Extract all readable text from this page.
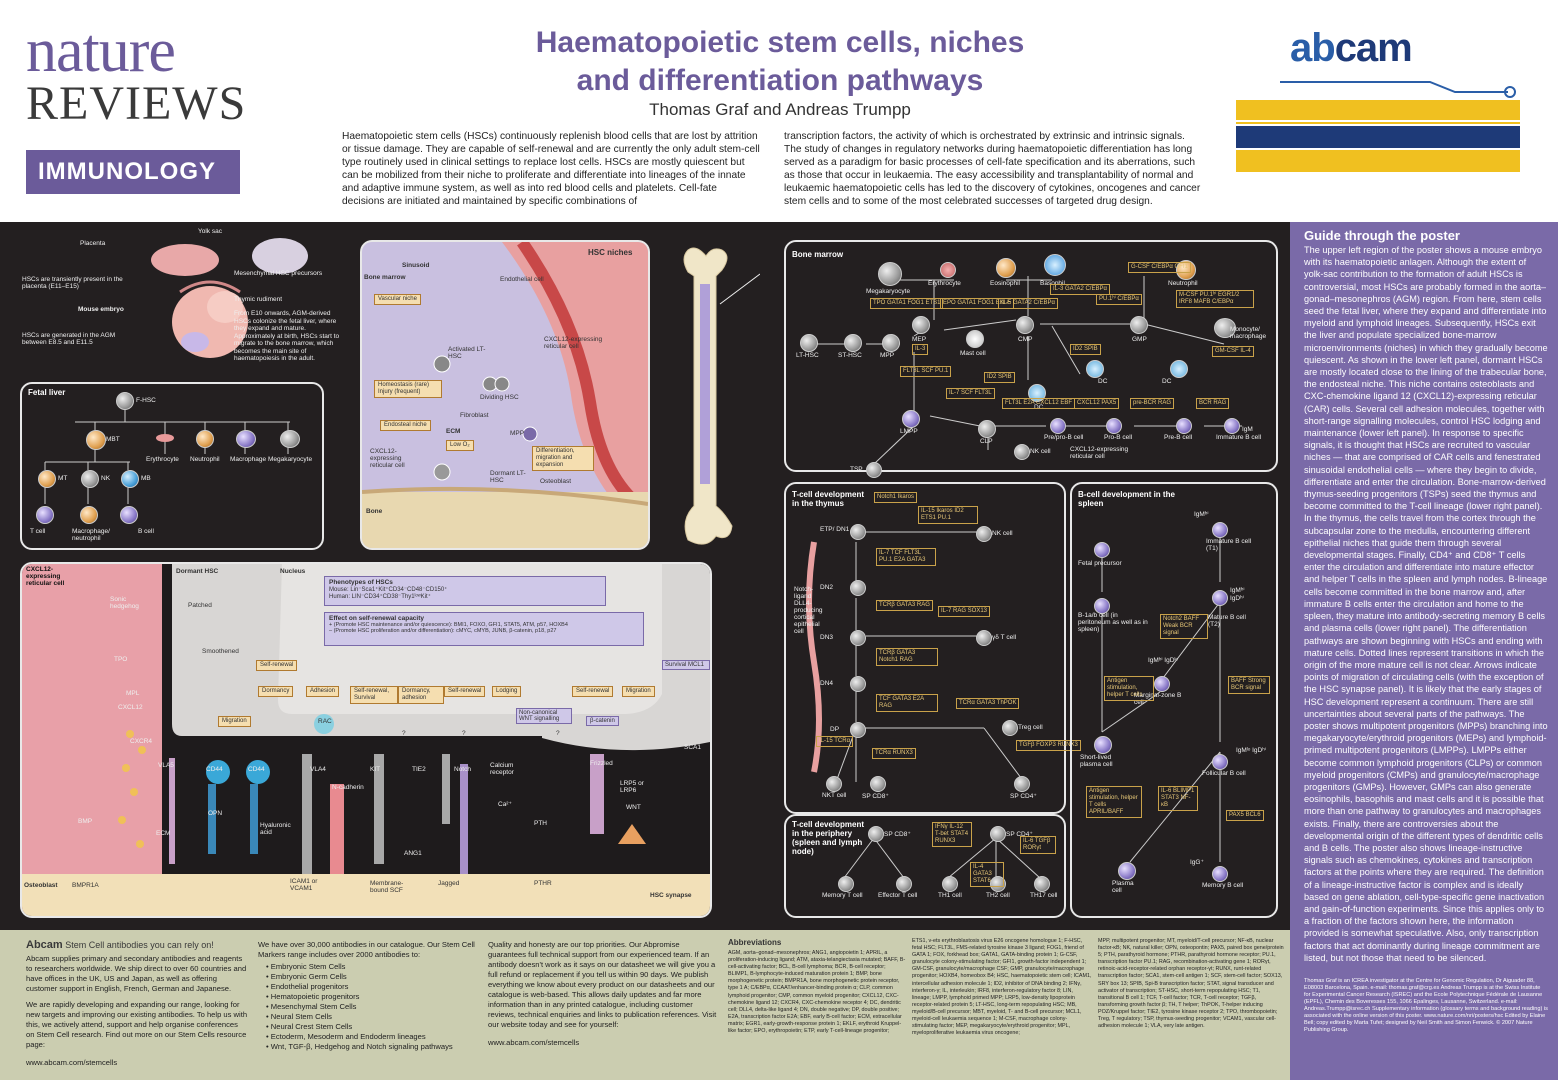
nature
REVIEWS
IMMUNOLOGY
Haematopoietic stem cells, niches
and differentiation pathways
Thomas Graf and Andreas Trumpp
Haematopoietic stem cells (HSCs) continuously replenish blood cells that are lost by attrition or tissue damage. They are capable of self-renewal and are currently the only adult stem-cell type routinely used in clinical settings to replace lost cells. HSCs are mostly quiescent but can be mobilized from their niche to proliferate and differentiate into lineages of the innate and adaptive immune system, as well as into red blood cells and platelets. Cell-fate decisions are initiated and maintained by specific combinations of
transcription factors, the activity of which is orchestrated by extrinsic and intrinsic signals. The study of changes in regulatory networks during haematopoietic differentiation has long served as a paradigm for basic processes of cell-fate specification and its aberrations, such as those that occur in leukaemia. The easy accessibility and transplantability of normal and leukaemic haematopoietic cells has led to the discovery of cytokines, oncogenes and cancer stem cells and to some of the most celebrated successes of targeted drug design.
abcam
Placenta
Yolk sac
HSCs are transiently present in the placenta (E11–E15)
Mesenchymal HSC precursors
Mouse embryo
Thymic rudiment
From E10 onwards, AGM-derived HSCs colonize the fetal liver, where they expand and mature. Approximately at birth, HSCs start to migrate to the bone marrow, which becomes the main site of haematopoiesis in the adult.
HSCs are generated in the AGM between E8.5 and E11.5
Fetal liver
F-HSC
MBT
Erythrocyte Neutrophil Macrophage Megakaryocyte
MT	NK	MB
T cell	Macrophage/ neutrophil
B cell
HSC niches
Sinusoid
Bone marrow	Endothelial cell
Vascular niche
CXCL12-expressing reticular cell
Activated LT-HSC
Dividing HSC
Homeostasis (rare) Injury (frequent)
Endosteal niche
ECM
Low O₂
Fibroblast
MPP
Differentiation, migration and expansion
CXCL12-expressing reticular cell
Dormant LT-HSC	Osteoblast
Bone
Bone marrow
Megakaryocyte
Erythrocyte	Eosinophil	Basophil	Neutrophil
TPO GATA1 FOG1 ETS1 EPO GATA1 FOG1 EKLF
IL-5 GATA2 C/EBPα
IL-3 GATA2 C/EBPα
G-CSF C/EBPα GFI1
PU.1ʰⁱ C/EBPα
M-CSF PU.1ʰⁱ EGR1/2 IRF8 MAFB C/EBPα
LT-HSC	ST-HSC	MPP
MEP	CMP	GMP
Mast cell
Monocyte/ macrophage
IL-3
FLT3L SCF PU.1
ID2 SPIB
ID2 SPIB	GM-CSF IL-4
LMPP
CLP
DC
DC	DC
IL-7 SCF FLT3L
FLT3L E2A CXCL12 EBF CXCL12 PAX5	pre-BCR RAG	BCR RAG
IgM
NK cell
Pre/pro-B cell	Pro-B cell	Pre-B cell	Immature B cell
TSP
CXCL12-expressing reticular cell
T-cell development in the thymus
ETP/ DN1
DN2
DN3
DN4
DP
NK cell
γδ T cell
Treg cell
NKT cell SP CD8⁺	SP CD4⁺
Notch-ligand DLL4-producing cortical epithelial cell
Notch1 Ikaros
IL-15 Ikaros ID2 ETS1 PU.1
IL-7 TCF FLT3L PU.1 E2A GATA3
TCRβ GATA3 RAG
IL-7 RAG SOX13
TCRβ GATA3 Notch1 RAG
TCF GATA3 E2A RAG	TCRα GATA3 ThPOK
TGFβ FOXP3 RUNX3
IL-15 TCRα
TCRα RUNX3
T-cell development in the periphery (spleen and lymph node)
SP CD8⁺	SP CD4⁺
Memory T cell Effector T cell	TH1 cell	TH2 cell	TH17 cell
IFNγ IL-12 T-bet STAT4 RUNX3
IL-4 GATA3 STAT6
IL-6 TGFβ RORγt
B-cell development in the spleen
IgMʰⁱ
Immature B cell (T1)
Fetal precursor
B-1a/b cell (in peritoneum as well as in spleen)
IgMʰⁱ IgDʰⁱ
Mature B cell (T2)
Marginal-zone B cell
IgMʰⁱ IgDˡᵒ
Short-lived plasma cell
IgMˡᵒ IgDʰⁱ
Follicular B cell
Plasma cell
IgG⁺
Memory B cell
Notch2 BAFF Weak BCR signal
Antigen stimulation, helper T cells
BAFF Strong BCR signal
Antigen stimulation, helper T cells APRIL/BAFF
IL-6 BLIMP1 STAT3 NF-κB
PAX5 BCL6
CXCL12-expressing reticular cell
Dormant HSC	Nucleus
Phenotypes of HSCs
Mouse: Lin⁻Sca1⁺Kit⁺CD34⁻CD48⁻CD150⁺
Human: LIN⁻CD34⁺CD38⁻Thy1ˡᵒʷKit⁺
Effect on self-renewal capacity
+ (Promote HSC maintenance and/or quiescence): BMI1, FOXO, GFI1, STAT5, ATM, p57, HOXB4
– (Promote HSC proliferation and/or differentiation): cMYC, cMYB, JUNB, β-catenin, p18, p27
Survival MCL1
Self-renewal
Dormancy	Adhesion	Self-renewal, Survival
Dormancy, adhesion
Self-renewal	Lodging	Self-renewal	Migration
Migration
Non-canonical WNT signalling	β-catenin
Sonic hedgehog	Patched
Smoothened
TPO
MPL
CXCL12
CXCR4
VLA5
CD44	CD44	VLA4
RAC
OPN
ECM
Hyaluronic acid
BMP
BMPR1A
Osteoblast
ICAM1 or VCAM1
N-cadherin
KIT
Membrane-bound SCF
TIE2
ANG1
Notch
Jagged
Calcium receptor
Ca²⁺
PTH
PTHR
Frizzled
LRP5 or LRP6
WNT
SCA1
?	?	?
HSC synapse
Guide through the poster
The upper left region of the poster shows a mouse embryo with its haematopoietic anlagen. Although the extent of yolk-sac contribution to the formation of adult HSCs is controversial, most HSCs are probably formed in the aorta–gonad–mesonephros (AGM) region. From here, stem cells seed the fetal liver, where they expand and differentiate into myeloid and lymphoid lineages. Subsequently, HSCs exit the liver and populate specialized bone-marrow microenvironments (niches) in which they gradually become quiescent. As shown in the lower left panel, dormant HSCs are mostly located close to the lining of the trabecular bone, the endosteal niche. This niche contains osteoblasts and CXC-chemokine ligand 12 (CXCL12)-expressing reticular (CAR) cells. Several cell adhesion molecules, together with short-range signalling molecules, control HSC lodging and maintenance (lower left panel). In response to specific signals, it is thought that HSCs are recruited to vascular niches — that are comprised of CAR cells and fenestrated sinusoidal endothelial cells — where they begin to divide, differentiate and enter the circulation. Bone-marrow-derived thymus-seeding progenitors (TSPs) seed the thymus and become committed to the T-cell lineage (lower right panel). In the thymus, the cells travel from the cortex through the subcapsular zone to the medulla, encountering different epithelial niches that guide them through several developmental stages. Finally, CD4⁺ and CD8⁺ T cells enter the circulation and differentiate into mature effector and helper T cells in the spleen and lymph nodes. B-lineage cells become committed in the bone marrow and, after immature B cells enter the circulation and home to the spleen, they mature into antibody-secreting memory B cells and plasma cells (lower right panel). The differentiation pathways are shown beginning with HSCs and ending with mature cells. Dotted lines represent transitions in which the origin of the more mature cell is not clear. Arrows indicate points of migration of circulating cells (with the exception of the HSC synapse panel). It is likely that the early stages of HSC development represent a continuum. There are still uncertainties about several parts of the pathways. The poster shows multipotent progenitors (MPPs) branching into megakaryocyte/erythroid progenitors (MEPs) and lymphoid-primed multipotent progenitors (LMPPs). LMPPs either become common lymphoid progenitors (CLPs) or common myeloid progenitors (CMPs) and granulocyte/macrophage progenitors (GMPs). However, GMPs can also generate eosinophils, basophils and mast cells and it is possible that more than one pathway to granulocytes and macrophages exists. Finally, there are controversies about the developmental origin of the different types of dendritic cells and B cells. The poster also shows lineage-instructive signals such as chemokines, cytokines and transcription factors at the points where they are required. The definition of a lineage-instructive factor is complex and is ideally based on gene ablation, cell-type-specific gene inactivation and gain-of-function experiments. Since this applies only to a fraction of the factors shown here, the information provided is somewhat speculative. Also, only transcription factors that act dominantly during lineage commitment are listed, but not those that need to be silenced.
Thomas Graf is an ICREA investigator at the Centre for Genomic Regulation, Dr Aiguader 88, E08003 Barcelona, Spain. e-mail: thomas.graf@crg.es Andreas Trumpp is at the Swiss Institute for Experimental Cancer Research (ISREC) and the Ecole Polytechnique Fédérale de Lausanne (EPFL), Chemin des Boveresses 155, 1066 Epalinges, Lausanne, Switzerland. e-mail: Andreas.Trumpp@isrec.ch Supplementary information (glossary terms and background reading) is associated with the online version of this poster. www.nature.com/nri/posters/hsc Edited by Elaine Bell; copy edited by Marta Tufet; designed by Neil Smith and Simon Fenwick. © 2007 Nature Publishing Group.
Abcam Stem Cell antibodies you can rely on!
Abcam supplies primary and secondary antibodies and reagents to researchers worldwide. We ship direct to over 60 countries and have offices in the UK, US and Japan, as well as offering customer support in English, French, German and Japanese.
We are rapidly developing and expanding our range, looking for new targets and improving our existing antibodies. To help us with this, we actively attend, support and help organise conferences on Stem Cell research. Find out more on our Stem Cells resource page:
www.abcam.com/stemcells
We have over 30,000 antibodies in our catalogue. Our Stem Cell Markers range includes over 2000 antibodies to:
• Embryonic Stem Cells
• Embryonic Germ Cells
• Endothelial progenitors
• Hematopoietic progenitors
• Mesenchymal Stem Cells
• Neural Stem Cells
• Neural Crest Stem Cells
• Ectoderm, Mesoderm and Endoderm lineages
• Wnt, TGF-β, Hedgehog and Notch signaling pathways
Quality and honesty are our top priorities. Our Abpromise guarantees full technical support from our experienced team. If an antibody doesn't work as it says on our datasheet we will give you a full refund or replacement if you tell us within 90 days. We publish everything we know about every product on our datasheets and our catalogue is web-based. This allows daily updates and far more information than in any printed catalogue, including customer reviews, technical enquiries and links to publication references. Visit our website today and see for yourself:
www.abcam.com/stemcells
Abbreviations
AGM, aorta–gonad–mesonephros; ANG1, angiopoietin 1; APRIL, a proliferation-inducing ligand; ATM, ataxia-telangiectasia mutated; BAFF, B-cell-activating factor; BCL, B-cell lymphoma; BCR, B-cell receptor; BLIMP1, B-lymphocyte-induced maturation protein 1; BMP, bone morphogenetic protein; BMPR1A, bone morphogenetic protein receptor, type 1 A; C/EBPα, CCAAT/enhancer-binding protein α; CLP, common lymphoid progenitor; CMP, common myeloid progenitor; CXCL12, CXC-chemokine ligand 12; CXCR4, CXC-chemokine receptor 4; DC, dendritic cell; DLL4, delta-like ligand 4; DN, double negative; DP, double positive; E2A, transcription factor E2A; EBF, early B-cell factor; ECM, extracellular matrix; EGR1, early-growth-response protein 1; EKLF, erythroid Kruppel-like factor; EPO, erythropoietin; ETP, early T-cell-lineage progenitor;
ETS1, v-ets erythroblastosis virus E26 oncogene homologue 1; F-HSC, fetal HSC; FLT3L, FMS-related tyrosine kinase 3 ligand; FOG1, friend of GATA 1; FOX, forkhead box; GATA1, GATA-binding protein 1; G-CSF, granulocyte colony-stimulating factor; GFI1, growth-factor independent 1; GM-CSF, granulocyte/macrophage CSF; GMP, granulocyte/macrophage progenitor; HOXB4, homeobox B4; HSC, haematopoietic stem cell; ICAM1, intercellular adhesion molecule 1; ID2, inhibitor of DNA binding 2; IFNγ, interferon-γ; IL, interleukin; IRF8, interferon-regulatory factor 8; LIN, lineage; LMPP, lymphoid primed MPP; LRP5, low-density lipoprotein receptor-related protein 5; LT-HSC, long-term repopulating HSC; MB, myeloid/B-cell precursor; MBT, myeloid, T- and B-cell precursor; MCL1, myeloid-cell leukaemia sequence 1; M-CSF, macrophage colony-stimulating factor; MEP, megakaryocyte/erythroid progenitor; MPL, myeloproliferative leukaemia virus oncogene;
MPP, multipotent progenitor; MT, myeloid/T-cell precursor; NF-κB, nuclear factor-κB; NK, natural killer; OPN, osteopontin; PAX5, paired box gene/protein 5; PTH, parathyroid hormone; PTHR, parathyroid hormone receptor; PU.1, transcription factor PU.1; RAG, recombination-activating gene 1; RORγt, retinoic-acid-receptor-related orphan receptor-γt; RUNX, runt-related transcription factor; SCA1, stem-cell antigen 1; SCF, stem-cell factor; SOX13, SRY box 13; SPIB, Spi-B transcription factor; STAT, signal transducer and activator of transcription; ST-HSC, short-term repopulating HSC; T1, transitional B cell 1; TCF, T-cell factor; TCR, T-cell receptor; TGFβ, transforming growth factor β; TH, T helper; ThPOK, T-helper inducing POZ/Kruppel factor; TIE2, tyrosine kinase receptor 2; TPO, thrombopoietin; Treg, T regulatory; TSP, thymus-seeding progenitor; VCAM1, vascular cell-adhesion molecule 1; VLA, very late antigen.
